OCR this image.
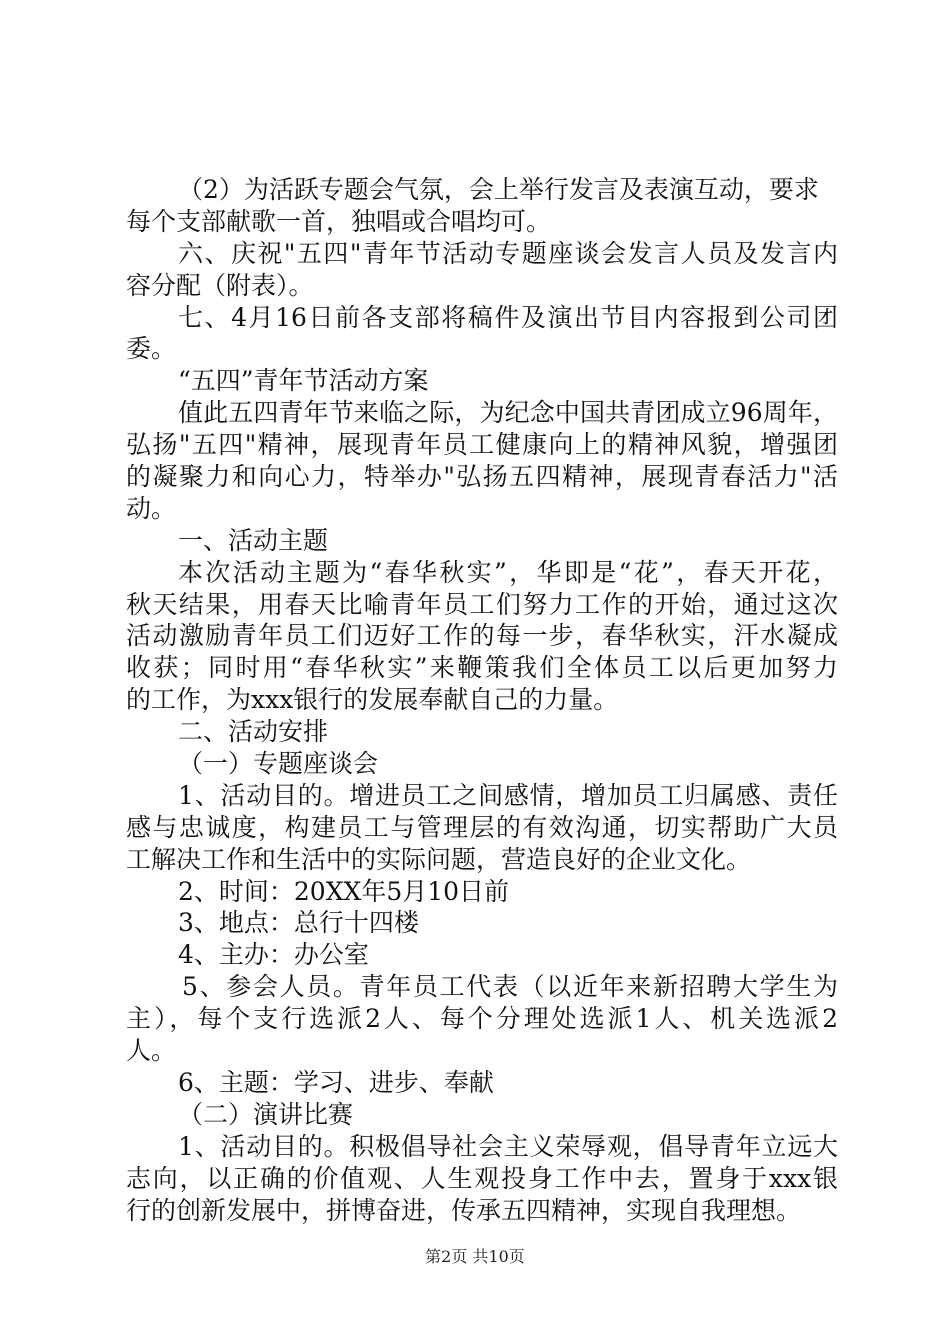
（2）为活跃专题会气氛，会上举行发言及表演互动，要求
每个支部献歌一首，独唱或合唱均可。
六、庆祝"五四"青年节活动专题座谈会发言人员及发言内
容分配（附表）。
七、4月16日前各支部将稿件及演出节目内容报到公司团
委。
“五四”青年节活动方案
值此五四青年节来临之际，为纪念中国共青团成立96周年，
弘扬"五四"精神，展现青年员工健康向上的精神风貌，增强团
的凝聚力和向心力，特举办"弘扬五四精神，展现青春活力"活
动。
一、活动主题
本次活动主题为“春华秋实”，华即是“花”，春天开花，
秋天结果，用春天比喻青年员工们努力工作的开始，通过这次
活动激励青年员工们迈好工作的每一步，春华秋实，汗水凝成
收获；同时用“春华秋实”来鞭策我们全体员工以后更加努力
的工作，为xxx银行的发展奉献自己的力量。
二、活动安排
（一）专题座谈会
1、活动目的。增进员工之间感情，增加员工归属感、责任
感与忠诚度，构建员工与管理层的有效沟通，切实帮助广大员
工解决工作和生活中的实际问题，营造良好的企业文化。
2、时间：20XX年5月10日前
3、地点：总行十四楼
4、主办：办公室
5、参会人员。青年员工代表（以近年来新招聘大学生为
主），每个支行选派2人、每个分理处选派1人、机关选派2
人。
6、主题：学习、进步、奉献
（二）演讲比赛
1、活动目的。积极倡导社会主义荣辱观，倡导青年立远大
志向，以正确的价值观、人生观投身工作中去，置身于xxx银
行的创新发展中，拼博奋进，传承五四精神，实现自我理想。
第2页 共10页
